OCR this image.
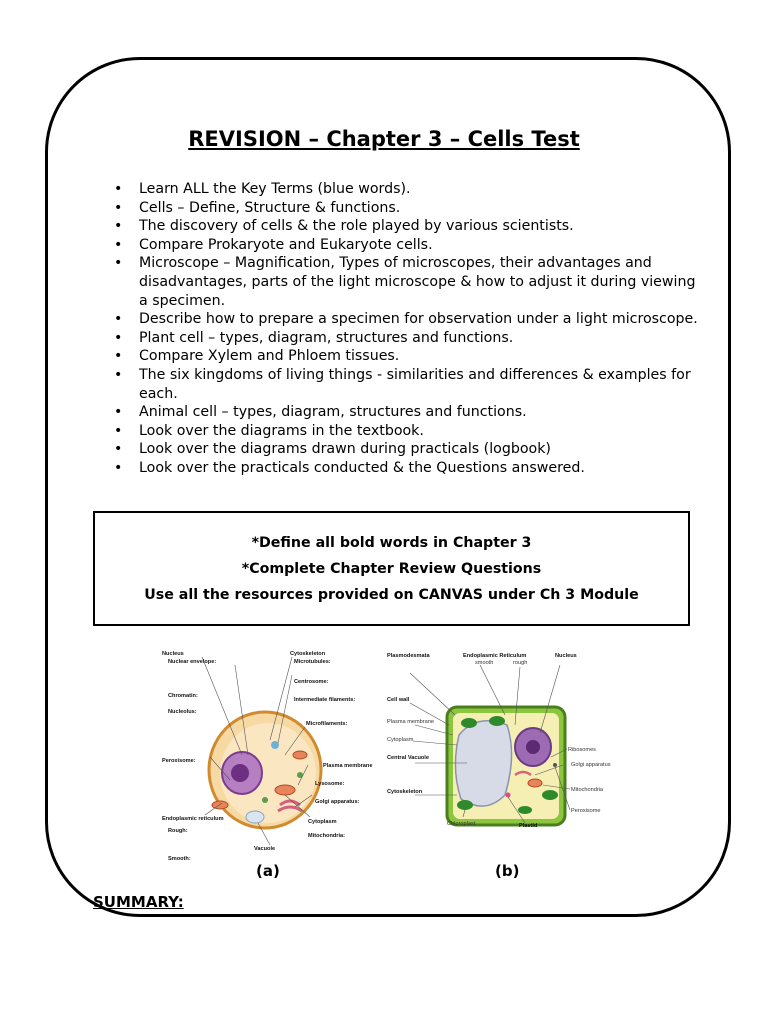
REVISION – Chapter 3 – Cells Test
• Learn ALL the Key Terms (blue words).
• Cells – Define, Structure & functions.
• The discovery of cells & the role played by various scientists.
• Compare Prokaryote and Eukaryote cells.
• Microscope – Magnification, Types of microscopes, their advantages and disadvantages, parts of the light microscope & how to adjust it during viewing a specimen.
• Describe how to prepare a specimen for observation under a light microscope.
• Plant cell – types, diagram, structures and functions.
• Compare Xylem and Phloem tissues.
• The six kingdoms of living things - similarities and differences & examples for each.
• Animal cell – types, diagram, structures and functions.
• Look over the diagrams in the textbook.
• Look over the diagrams drawn during practicals (logbook)
• Look over the practicals conducted & the Questions answered.
*Define all bold words in Chapter 3
*Complete Chapter Review Questions
Use all the resources provided on CANVAS under Ch 3 Module
Nucleus
Nuclear envelope:
Chromatin:
Nucleolus:
Peroxisome:
Endoplasmic reticulum
Rough:
Smooth:
Cytoskeleton
Microtubules:
Centrosome:
Intermediate filaments:
Microfilaments:
Plasma membrane
Lysosome:
Golgi apparatus:
Cytoplasm
Mitochondria:
Vacuole
Plasmodesmata	Endoplasmic Reticulum
smooth	rough
Nucleus
Cell wall
Plasma membrane
Cytoplasm
Central Vacuole
Cytoskeleton
Chloroplast	Plastid
Ribosomes
Golgi apparatus
Mitochondria
Peroxisome
(a)	(b)
SUMMARY:
